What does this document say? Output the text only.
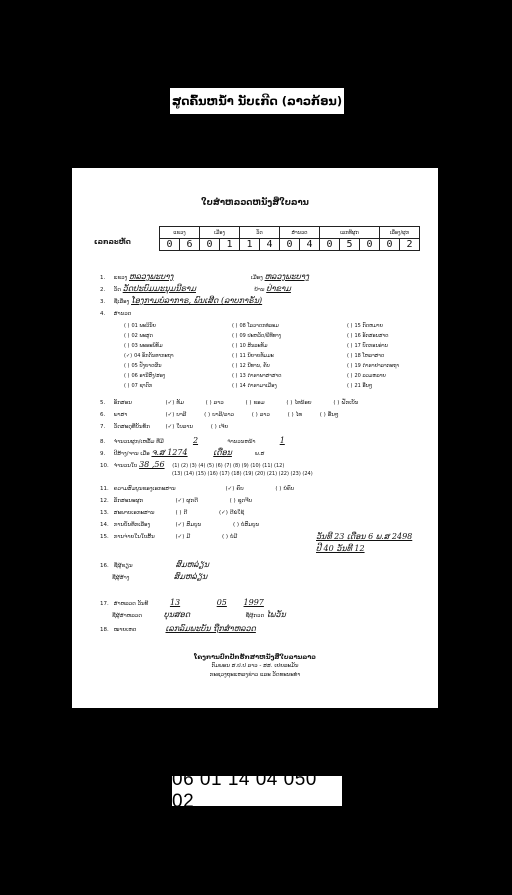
ສູດຄົ້ນຫນ້ຳ ນັບເກີດ (ລາວກ້ອນ)
ໃບສຳຫລວດຫນັງສືໃບລານ
ເລກລະຫັດ
ແຂວງ		ເມືອງ		ວັດ		ສຳນວດ		ເລກທີຜູກ			ເລື່ອງ/ຜູກ	
0	6	0	1	1	4	0	4	0	5	0	0	2
1. ແຂວງ ຫລວງພະບາງ	ເມືອງ ຫລວງພະບາງ
2. ວັດ ວັດປະບົມມະນຸມນີຣາມ	ບ້ານ ປ່າຂາມ
3. ຊື່ເລື່ອງ ໂອງກາມບໍລາກາຣ, ພົນເສີດ (ລາບກາຣັນ)
4. ສຳນວດ
( ) 01 ພະວິນັຍ
( ) 02 ພະສູດ
( ) 03 ພະອະພິທັມ
(✓) 04 ອັກດັນທາກະຖາ
( ) 05 ປັງຍາດຜັນ
( ) 06 ອານີສົງ/ສອງ
( ) 07 ຊາດົກ
( ) 08 ໂລວາດກທໍລະມ
( ) 09 ປະຫວັດ/ພີທີທາງ
( ) 10 ສິນລະທັມ
( ) 11 ນິຍາຍທັມມະ
( ) 12 ນີທານ, ຄັບ
( ) 13 ດຳຣາພາສາສາດ
( ) 14 ດຳຣາມາເມືອງ
( ) 15 ກົດຫມາຍ
( ) 16 ອັກສອນສາດ
( ) 17 ບົດກອນອ່ານ
( ) 18 ໂຫລາສາດ
( ) 19 ດຳຣາຢາລາກະຖາ
( ) 20 ລວມຫລາຍ
( ) 21 ອື່ນໆ
5. ອັກສອນ	(✓) ທັມ	( ) ລາວ	( ) ຂອມ	( ) ໄທນ້ອຍ	( ) ຝັກເບັນ
6. ພາສາ	(✓) ບາລີ	( ) ບາລີ/ລາວ	( ) ລາວ	( ) ໄທ	( ) ອື່ນໆ
7. ວັດສະດຸທີ່ບັນທຶກ	(✓) ໃບລານ	( ) ເຈ້ຍ
8. ຈຳນວນຜູກ/ເຫລັ້ມ ທີ່ມີ	2	ຈຳນວນຫນ້າ	1
9. ປີສ້າງ/ຈານ ເມື່ອ ຈ.ສ 1274	ເດືອນ	ພ.ສ
10. ຈຳນວນໃບ 38 ,56 (1) (2) (3) (4) (5) (6) (7) (8) (9) (10) (11) (12)
(13) (14) (15) (16) (17) (18) (19) (20) (21) (22) (23) (24)
11. ຄວາມສົມບູນຂອງເອກະສານ	(✓) ຄົບ	( ) ບໍ່ຄົບ
12. ລັກສະນະຜູກ	(✓) ຜູກດີ	( ) ຊຸດຈີບ
13. ສະພາບເອກະສານ	( ) ດີ	(✓) ດີພໍໃຊ້
14. ການບັນທຶກເລືອງ	(✓) ສົມບູນ	( ) ບໍ່ສົມບູນ
15. ການຈ່າຍໃນໃບສິ້ນ	(✓) ມີ	( ) ບໍ່ມີ	ວັນທີ 23 ເດືອນ 6 ພ.ສ 2498
ປີ 40 ວັນທີ 12
16. ຊື່ຜູ້ຂຽນ	ສົມຫລ່ຽນ
ຊື່ຜູ້ສ້າງ	ສົມຫລ່ຽນ
17. ສຳຫລວດ ວັນທີ	13	05 1997
ຊື່ຜູ້ສຳຫລວດ	ບຸນສອດ	ຊື່ຜູ້ກວດ ໄພວັນ
18. ໝາຍເຫດ	ເລກລົມພະບັນ ຖືກສຳຫລວດ
ໂຄງການປົກປັກຮັກສາຫນັງສືໃບລານລາວ
ກົມພອນ ສ.ປ.ປ ລາວ - ສສ. ເຢຍລະມັນ
ກະຊວງຖະແຫລງຂ່າວ ແລະ ວັດທະນະທຳ
06 01 14 04 050 02
